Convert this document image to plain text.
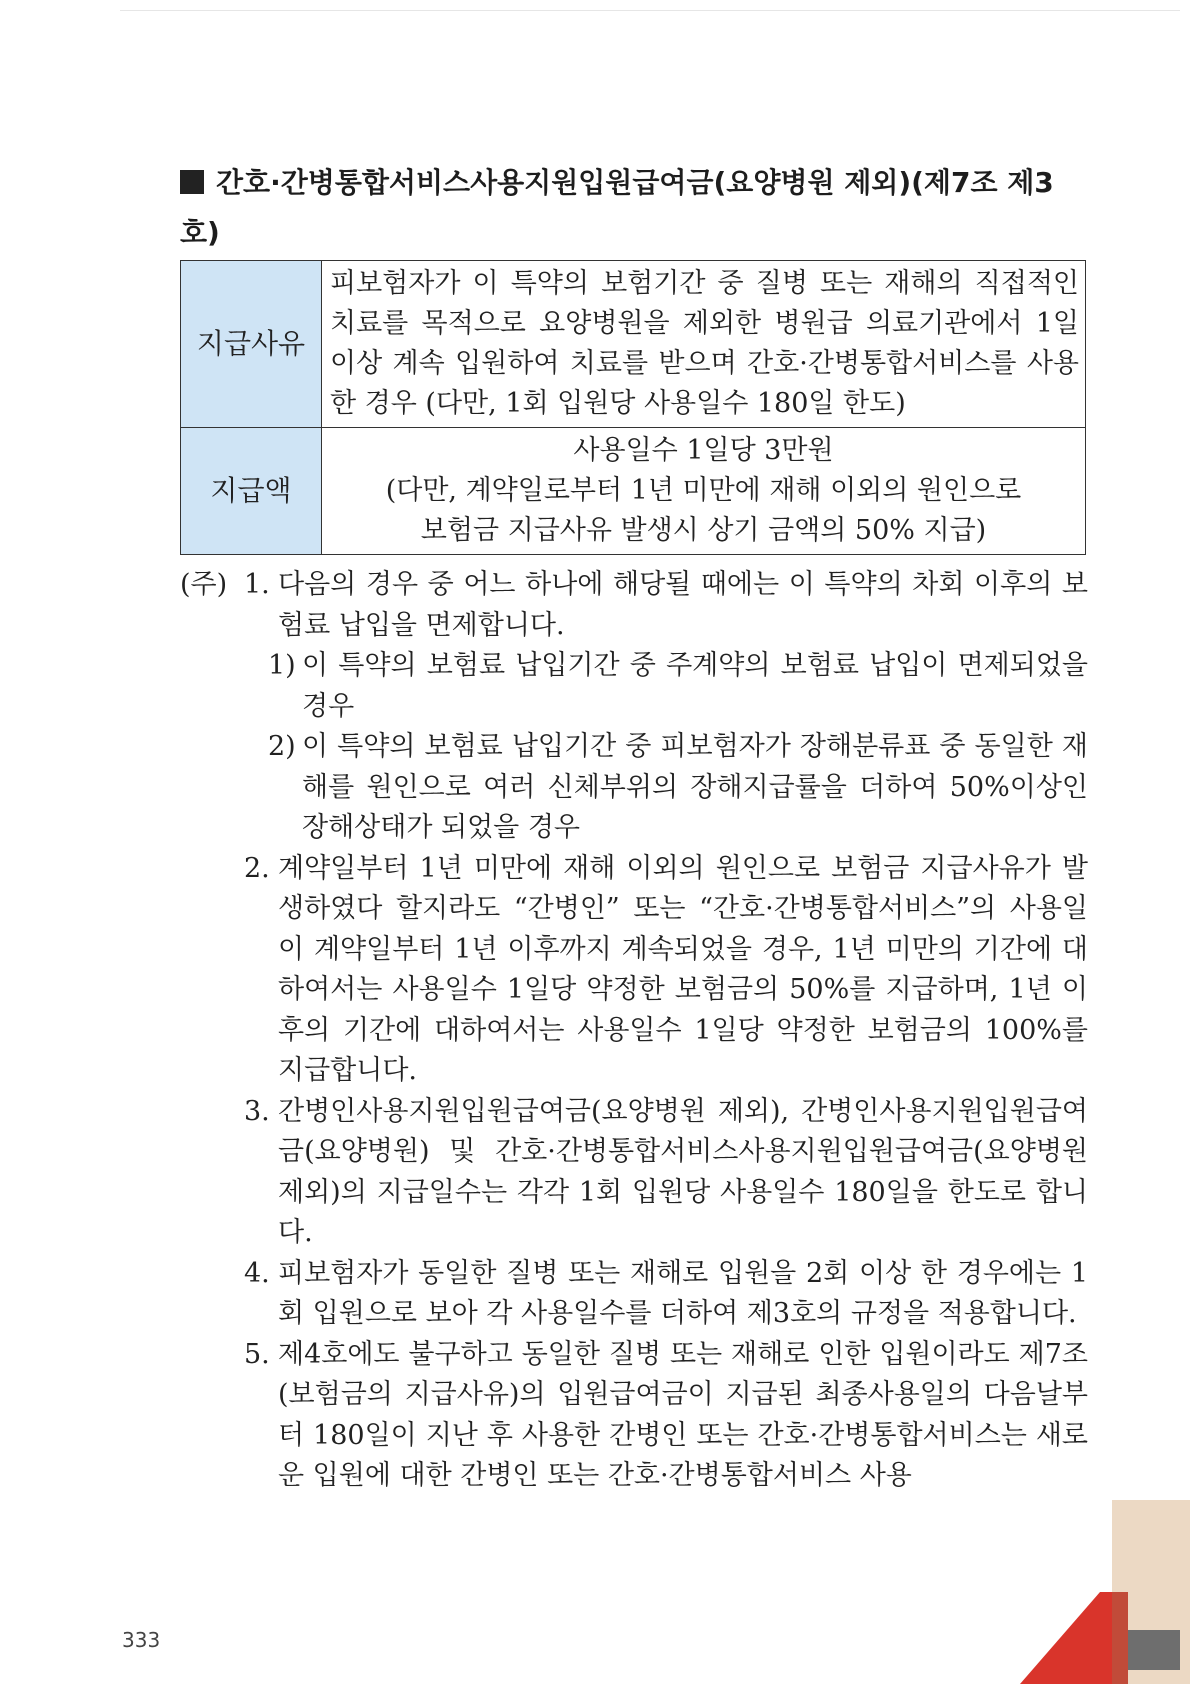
간호·간병통합서비스사용지원입원급여금(요양병원 제외)(제7조 제3호)
지급사유	피보험자가 이 특약의 보험기간 중 질병 또는 재해의 직접적인 치료를 목적으로 요양병원을 제외한 병원급 의료기관에서 1일 이상 계속 입원하여 치료를 받으며 간호·간병통합서비스를 사용한 경우 (다만, 1회 입원당 사용일수 180일 한도)
지급액	사용일수 1일당 3만원
(다만, 계약일로부터 1년 미만에 재해 이외의 원인으로
보험금 지급사유 발생시 상기 금액의 50% 지급)
(주) 1. 다음의 경우 중 어느 하나에 해당될 때에는 이 특약의 차회 이후의 보험료 납입을 면제합니다.
1) 이 특약의 보험료 납입기간 중 주계약의 보험료 납입이 면제되었을 경우
2) 이 특약의 보험료 납입기간 중 피보험자가 장해분류표 중 동일한 재해를 원인으로 여러 신체부위의 장해지급률을 더하여 50%이상인 장해상태가 되었을 경우
2. 계약일부터 1년 미만에 재해 이외의 원인으로 보험금 지급사유가 발생하였다 할지라도 “간병인” 또는 “간호·간병통합서비스”의 사용일이 계약일부터 1년 이후까지 계속되었을 경우, 1년 미만의 기간에 대하여서는 사용일수 1일당 약정한 보험금의 50%를 지급하며, 1년 이후의 기간에 대하여서는 사용일수 1일당 약정한 보험금의 100%를 지급합니다.
3. 간병인사용지원입원급여금(요양병원 제외), 간병인사용지원입원급여금(요양병원) 및 간호·간병통합서비스사용지원입원급여금(요양병원 제외)의 지급일수는 각각 1회 입원당 사용일수 180일을 한도로 합니다.
4. 피보험자가 동일한 질병 또는 재해로 입원을 2회 이상 한 경우에는 1회 입원으로 보아 각 사용일수를 더하여 제3호의 규정을 적용합니다.
5. 제4호에도 불구하고 동일한 질병 또는 재해로 인한 입원이라도 제7조(보험금의 지급사유)의 입원급여금이 지급된 최종사용일의 다음날부터 180일이 지난 후 사용한 간병인 또는 간호·간병통합서비스는 새로운 입원에 대한 간병인 또는 간호·간병통합서비스 사용
333
